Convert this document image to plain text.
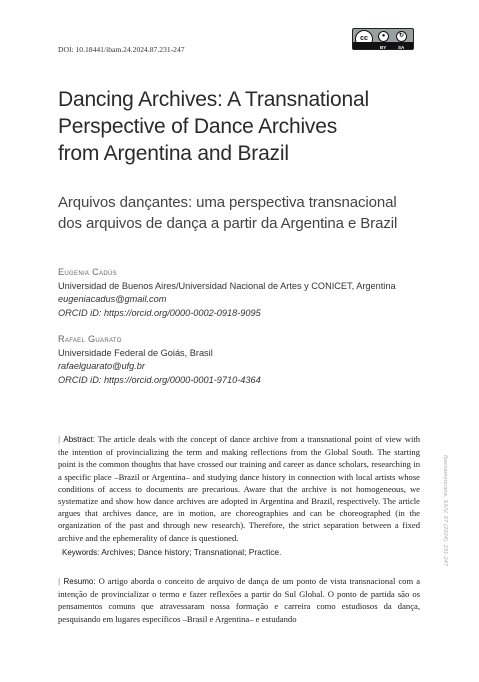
DOI: 10.18441/ibam.24.2024.87.231-247
cc	●	↻
BY	SA
Dancing Archives: A Transnational
Perspective of Dance Archives
from Argentina and Brazil
Arquivos dançantes: uma perspectiva transnacional
dos arquivos de dança a partir da Argentina e Brazil
Eugenia Cadús
Universidad de Buenos Aires/Universidad Nacional de Artes y CONICET, Argentina
eugeniacadus@gmail.com
ORCID iD: https://orcid.org/0000-0002-0918-9095
Rafael Guarato
Universidade Federal de Goiás, Brasil
rafaelguarato@ufg.br
ORCID iD: https://orcid.org/0000-0001-9710-4364

| Abstract: The article deals with the concept of dance archive from a transnational point of view with the intention of provincializing the term and making reflections from the Global South. The starting point is the common thoughts that have crossed our training and career as dance scholars, researching in a specific place –Brazil or Argentina– and studying dance history in connection with local artists whose conditions of access to documents are precarious. Aware that the archive is not homogeneous, we systematize and show how dance archives are adopted in Argentina and Brazil, respectively. The article argues that archives dance, are in motion, are choreographies and can be choreographed (in the organization of the past and through new research). Therefore, the strict separation between a fixed archive and the ephemerality of dance is questioned.

Keywords: Archives; Dance history; Transnational; Practice.

| Resumo: O artigo aborda o conceito de arquivo de dança de um ponto de vista transnacional com a intenção de provincializar o termo e fazer reflexões a partir do Sul Global. O ponto de partida são os pensamentos comuns que atravessaram nossa formação e carreira como estudiosos da dança, pesquisando em lugares específicos –Brasil e Argentina– e estudando

Iberoamericana, XXIV, 87 (2024), 231-247
